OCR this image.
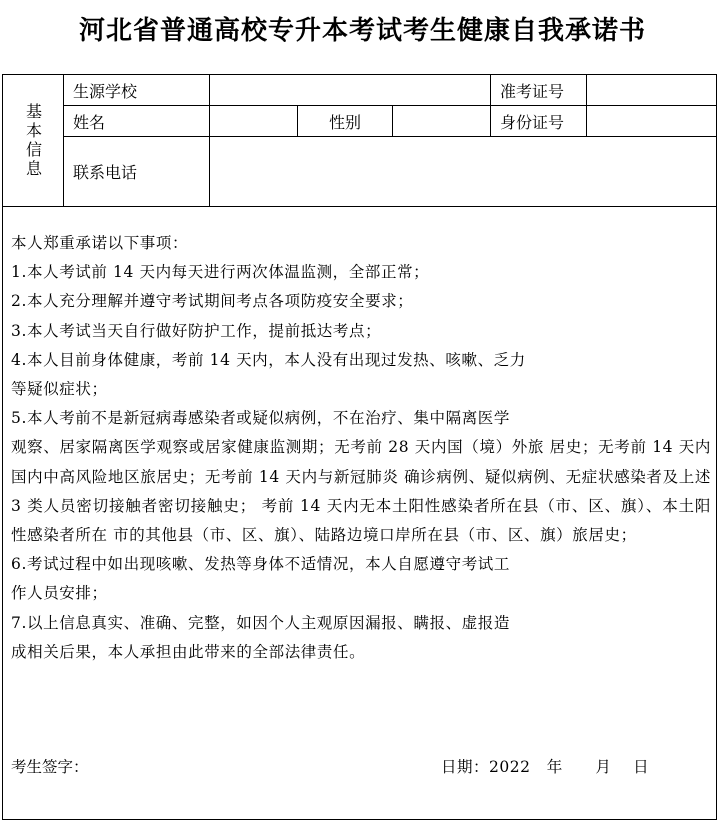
河北省普通高校专升本考试考生健康自我承诺书
基本信息
生源学校	准考证号
姓名	性别	身份证号
联系电话

本人郑重承诺以下事项：

1.本人考试前 14 天内每天进行两次体温监测，全部正常；

2.本人充分理解并遵守考试期间考点各项防疫安全要求；

3.本人考试当天自行做好防护工作，提前抵达考点；

4.本人目前身体健康，考前 14 天内，本人没有出现过发热、咳嗽、乏力

等疑似症状；

5.本人考前不是新冠病毒感染者或疑似病例，不在治疗、集中隔离医学

观察、居家隔离医学观察或居家健康监测期；无考前 28 天内国（境）外旅 居史；无考前 14 天内国内中高风险地区旅居史；无考前 14 天内与新冠肺炎 确诊病例、疑似病例、无症状感染者及上述 3 类人员密切接触者密切接触史； 考前 14 天内无本土阳性感染者所在县（市、区、旗）、本土阳性感染者所在 市的其他县（市、区、旗）、陆路边境口岸所在县（市、区、旗）旅居史；

6.考试过程中如出现咳嗽、发热等身体不适情况，本人自愿遵守考试工

作人员安排；

7.以上信息真实、准确、完整，如因个人主观原因漏报、瞒报、虚报造

成相关后果，本人承担由此带来的全部法律责任。

考生签字：	日期：2022 年 月 日
